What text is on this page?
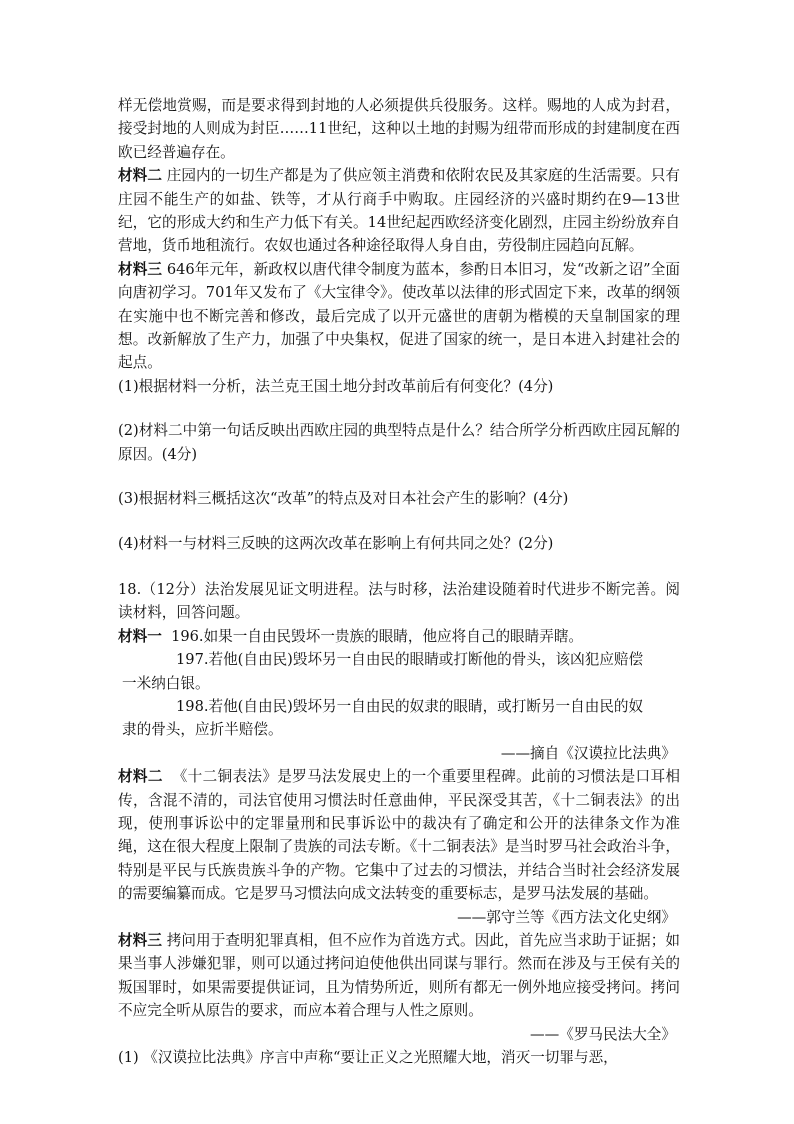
样无偿地赏赐，而是要求得到封地的人必须提供兵役服务。这样。赐地的人成为封君，接受封地的人则成为封臣……11世纪，这种以土地的封赐为纽带而形成的封建制度在西欧已经普遍存在。

材料二 庄园内的一切生产都是为了供应领主消费和依附农民及其家庭的生活需要。只有庄园不能生产的如盐、铁等，才从行商手中购取。庄园经济的兴盛时期约在9—13世纪，它的形成大约和生产力低下有关。14世纪起西欧经济变化剧烈，庄园主纷纷放弃自营地，货币地租流行。农奴也通过各种途径取得人身自由，劳役制庄园趋向瓦解。

材料三 646年元年，新政权以唐代律令制度为蓝本，参酌日本旧习，发“改新之诏”全面向唐初学习。701年又发布了《大宝律令》。使改革以法律的形式固定下来，改革的纲领在实施中也不断完善和修改，最后完成了以开元盛世的唐朝为楷模的天皇制国家的理想。改新解放了生产力，加强了中央集权，促进了国家的统一，是日本进入封建社会的起点。

(1)根据材料一分析，法兰克王国土地分封改革前后有何变化？(4分)

(2)材料二中第一句话反映出西欧庄园的典型特点是什么？结合所学分析西欧庄园瓦解的原因。(4分)

(3)根据材料三概括这次“改革”的特点及对日本社会产生的影响？(4分)

(4)材料一与材料三反映的这两次改革在影响上有何共同之处？(2分)

18.（12分）法治发展见证文明进程。法与时移，法治建设随着时代进步不断完善。阅读材料，回答问题。

材料一 196.如果一自由民毁坏一贵族的眼睛，他应将自己的眼睛弄瞎。

197.若他(自由民)毁坏另一自由民的眼睛或打断他的骨头，该凶犯应赔偿

一米纳白银。

198.若他(自由民)毁坏另一自由民的奴隶的眼睛，或打断另一自由民的奴

隶的骨头，应折半赔偿。

——摘自《汉谟拉比法典》

材料二 《十二铜表法》是罗马法发展史上的一个重要里程碑。此前的习惯法是口耳相传，含混不清的，司法官使用习惯法时任意曲伸，平民深受其苦，《十二铜表法》的出现，使刑事诉讼中的定罪量刑和民事诉讼中的裁决有了确定和公开的法律条文作为准绳，这在很大程度上限制了贵族的司法专断。《十二铜表法》是当时罗马社会政治斗争，特别是平民与氏族贵族斗争的产物。它集中了过去的习惯法，并结合当时社会经济发展的需要编纂而成。它是罗马习惯法向成文法转变的重要标志，是罗马法发展的基础。

——郭守兰等《西方法文化史纲》

材料三 拷问用于查明犯罪真相，但不应作为首选方式。因此，首先应当求助于证据；如果当事人涉嫌犯罪，则可以通过拷问迫使他供出同谋与罪行。然而在涉及与王侯有关的叛国罪时，如果需要提供证词，且为情势所近，则所有都无一例外地应接受拷问。拷问不应完全听从原告的要求，而应本着合理与人性之原则。

——《罗马民法大全》

(1) 《汉谟拉比法典》序言中声称“要让正义之光照耀大地，消灭一切罪与恶，
